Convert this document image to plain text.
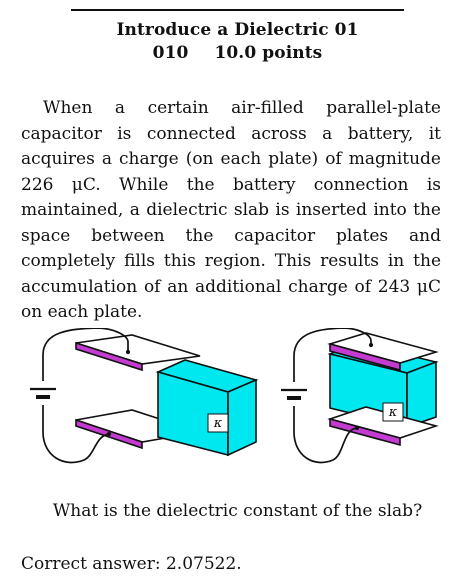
Introduce a Dielectric 01
010 10.0 points
When a certain air-filled parallel-plate capacitor is connected across a battery, it acquires a charge (on each plate) of magnitude 226 μC. While the battery connection is maintained, a dielectric slab is inserted into the space between the capacitor plates and completely fills this region. This results in the accumulation of an additional charge of 243 μC on each plate.
κ
κ
What is the dielectric constant of the slab?
Correct answer: 2.07522.
